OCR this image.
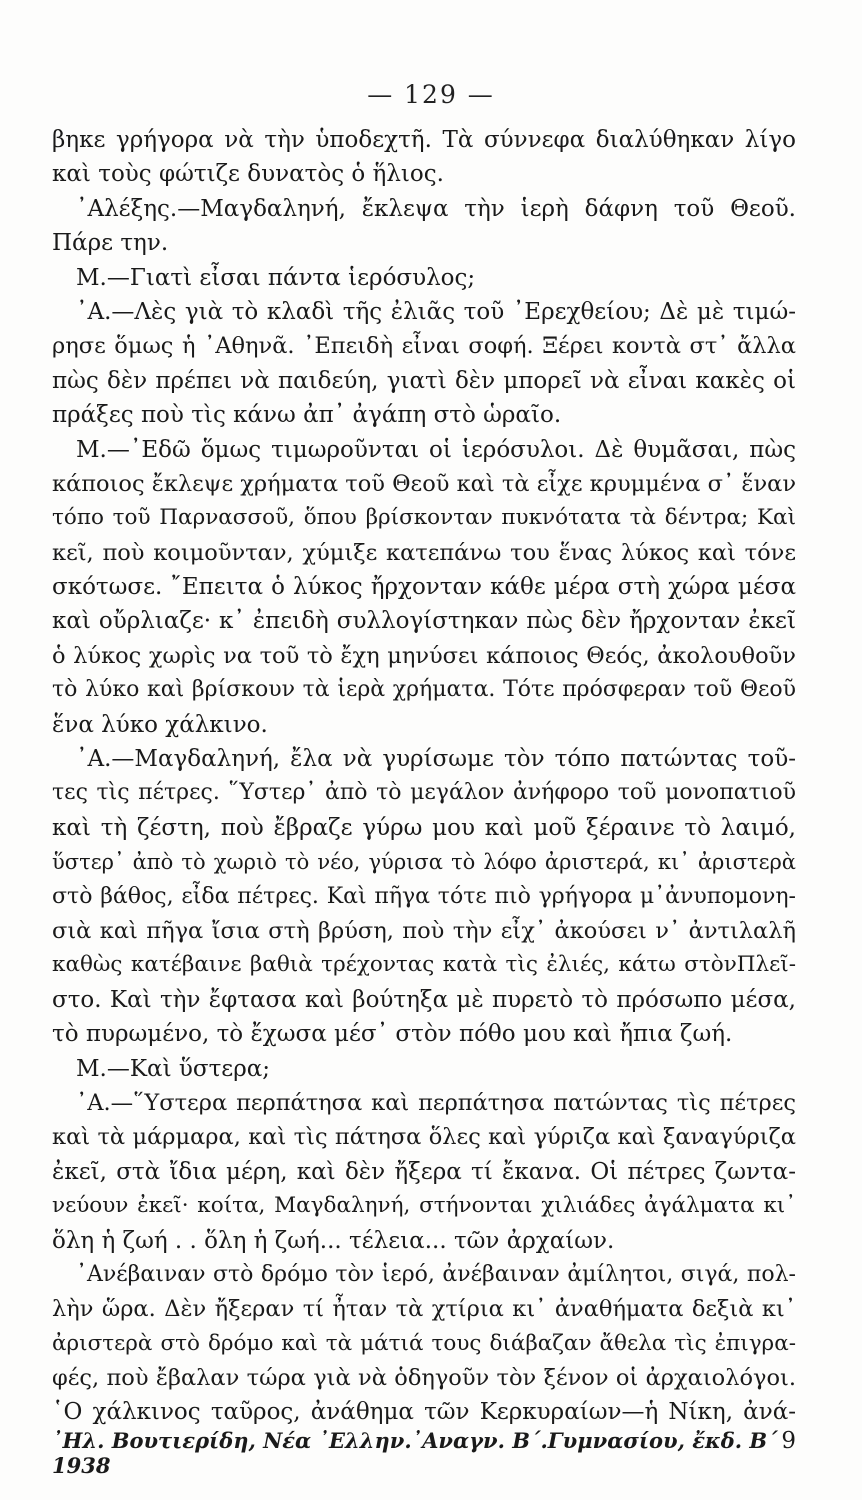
— 129 —
βηκε γρήγορα νὰ τὴν ὑποδεχτῆ. Τὰ σύννεφα διαλύθηκαν λίγο
καὶ τοὺς φώτιζε δυνατὸς ὁ ἥλιος.
᾿Αλέξης.—Μαγδαληνή, ἔκλεψα τὴν ἱερὴ δάφνη τοῦ Θεοῦ.
Πάρε την.
Μ.—Γιατὶ εἶσαι πάντα ἱερόσυλος;
᾿Α.—Λὲς γιὰ τὸ κλαδὶ τῆς ἐλιᾶς τοῦ ᾿Ερεχθείου; Δὲ μὲ τιμώ-
ρησε ὅμως ἡ ᾿Αθηνᾶ. ᾿Επειδὴ εἶναι σοφή. Ξέρει κοντὰ στ᾿ ἄλλα
πὼς δὲν πρέπει νὰ παιδεύη, γιατὶ δὲν μπορεῖ νὰ εἶναι κακὲς οἱ
πράξες ποὺ τὶς κάνω ἀπ᾿ ἀγάπη στὸ ὡραῖο.
Μ.—᾿Εδῶ ὅμως τιμωροῦνται οἱ ἱερόσυλοι. Δὲ θυμᾶσαι, πὼς
κάποιος ἔκλεψε χρήματα τοῦ Θεοῦ καὶ τὰ εἶχε κρυμμένα σ᾿ ἕναν
τόπο τοῦ Παρνασσοῦ, ὅπου βρίσκονταν πυκνότατα τὰ δέντρα; Καὶ
κεῖ, ποὺ κοιμοῦνταν, χύμιξε κατεπάνω του ἕνας λύκος καὶ τόνε
σκότωσε. ῎Επειτα ὁ λύκος ἤρχονταν κάθε μέρα στὴ χώρα μέσα
καὶ οὔρλιαζε· κ᾿ ἐπειδὴ συλλογίστηκαν πὼς δὲν ἤρχονταν ἐκεῖ
ὁ λύκος χωρὶς να τοῦ τὸ ἔχη μηνύσει κάποιος Θεός, ἀκολουθοῦν
τὸ λύκο καὶ βρίσκουν τὰ ἱερὰ χρήματα. Τότε πρόσφεραν τοῦ Θεοῦ
ἕνα λύκο χάλκινο.
᾿Α.—Μαγδαληνή, ἔλα νὰ γυρίσωμε τὸν τόπο πατώντας τοῦ-
τες τὶς πέτρες. ῞Υστερ᾿ ἀπὸ τὸ μεγάλον ἀνήφορο τοῦ μονοπατιοῦ
καὶ τὴ ζέστη, ποὺ ἔβραζε γύρω μου καὶ μοῦ ξέραινε τὸ λαιμό,
ὕστερ᾿ ἀπὸ τὸ χωριὸ τὸ νέο, γύρισα τὸ λόφο ἀριστερά, κι᾿ ἀριστερὰ
στὸ βάθος, εἶδα πέτρες. Καὶ πῆγα τότε πιὸ γρήγορα μ᾿ἀνυπομονη-
σιὰ καὶ πῆγα ἴσια στὴ βρύση, ποὺ τὴν εἶχ᾿ ἀκούσει ν᾿ ἀντιλαλῆ
καθὼς κατέβαινε βαθιὰ τρέχοντας κατὰ τὶς ἐλιές, κάτω στὸνΠλεῖ-
στο. Καὶ τὴν ἔφτασα καὶ βούτηξα μὲ πυρετὸ τὸ πρόσωπο μέσα,
τὸ πυρωμένο, τὸ ἔχωσα μέσ᾿ στὸν πόθο μου καὶ ἤπια ζωή.
Μ.—Καὶ ὕστερα;
᾿Α.—῞Υστερα περπάτησα καὶ περπάτησα πατώντας τὶς πέτρες
καὶ τὰ μάρμαρα, καὶ τὶς πάτησα ὅλες καὶ γύριζα καὶ ξαναγύριζα
ἐκεῖ, στὰ ἴδια μέρη, καὶ δὲν ἤξερα τί ἔκανα. Οἱ πέτρες ζωντα-
νεύουν ἐκεῖ· κοίτα, Μαγδαληνή, στήνονται χιλιάδες ἀγάλματα κι᾿
ὅλη ἡ ζωή . . ὅλη ἡ ζωή... τέλεια... τῶν ἀρχαίων.
᾿Ανέβαιναν στὸ δρόμο τὸν ἱερό, ἀνέβαιναν ἀμίλητοι, σιγά, πολ-
λὴν ὥρα. Δὲν ἤξεραν τί ἦταν τὰ χτίρια κι᾿ ἀναθήματα δεξιὰ κι᾿
ἀριστερὰ στὸ δρόμο καὶ τὰ μάτιά τους διάβαζαν ἄθελα τὶς ἐπιγρα-
φές, ποὺ ἔβαλαν τώρα γιὰ νὰ ὁδηγοῦν τὸν ξένον οἱ ἀρχαιολόγοι.
῾Ο χάλκινος ταῦρος, ἀνάθημα τῶν Κερκυραίων—ἡ Νίκη, ἀνά-
᾿Ηλ. Βουτιερίδη, Νέα ᾿Ελλην.᾿Αναγν. Β΄.Γυμνασίου, ἔκδ. Β΄ 1938
9
